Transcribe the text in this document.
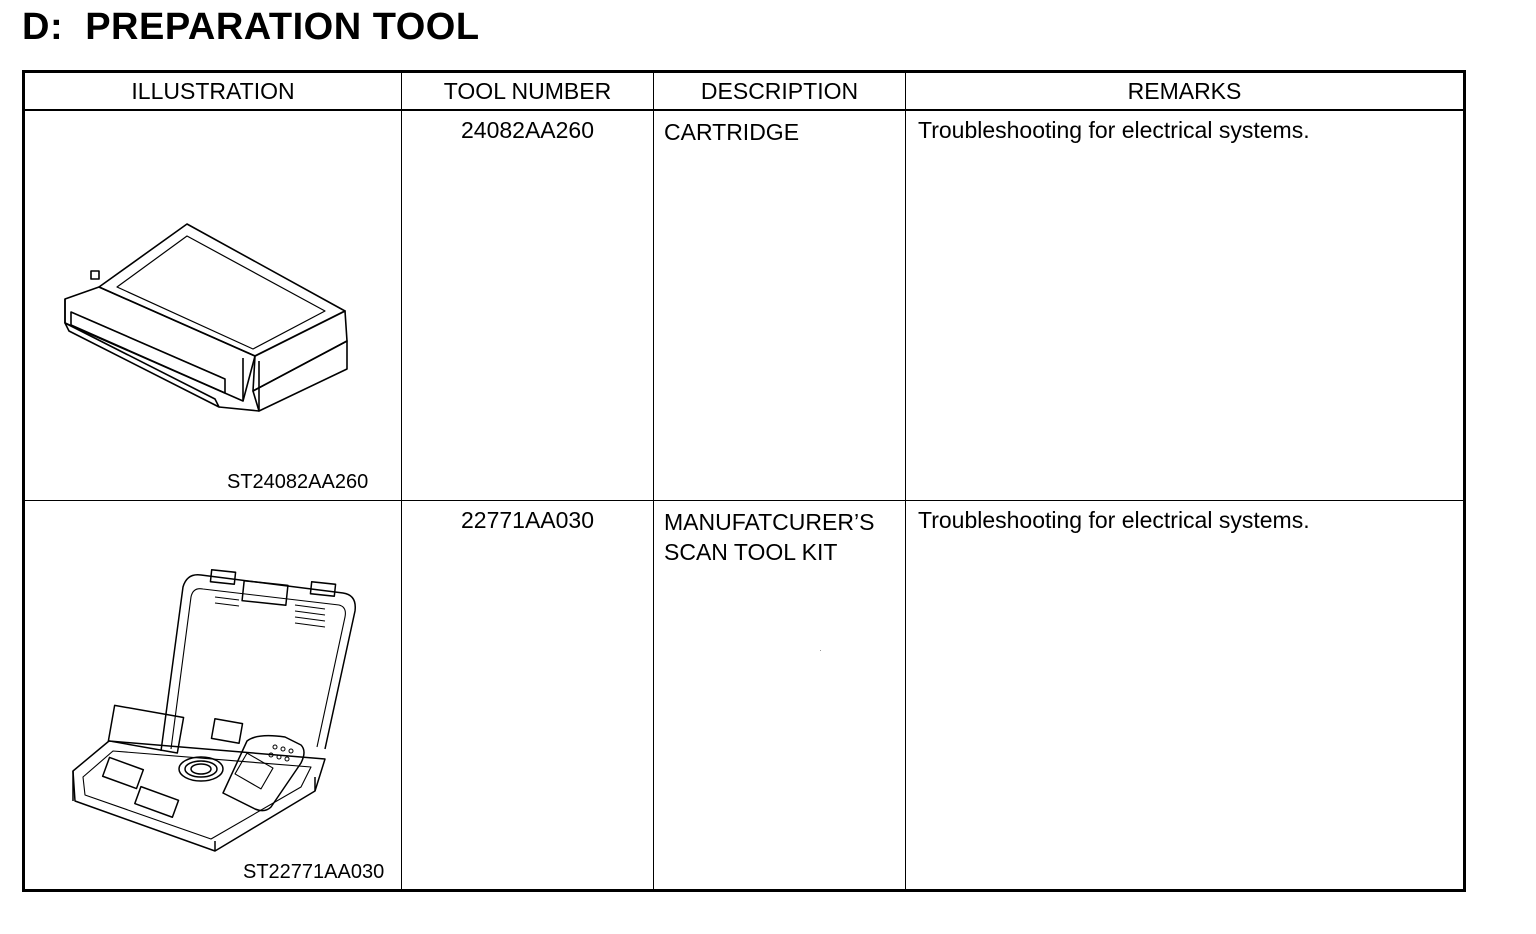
D:  PREPARATION TOOL
ILLUSTRATION	TOOL NUMBER	DESCRIPTION	REMARKS

ST24082AA260	24082AA260	CARTRIDGE	Troubleshooting for electrical systems.

ST22771AA030	22771AA030	MANUFATCURER’S SCAN TOOL KIT	Troubleshooting for electrical systems.
